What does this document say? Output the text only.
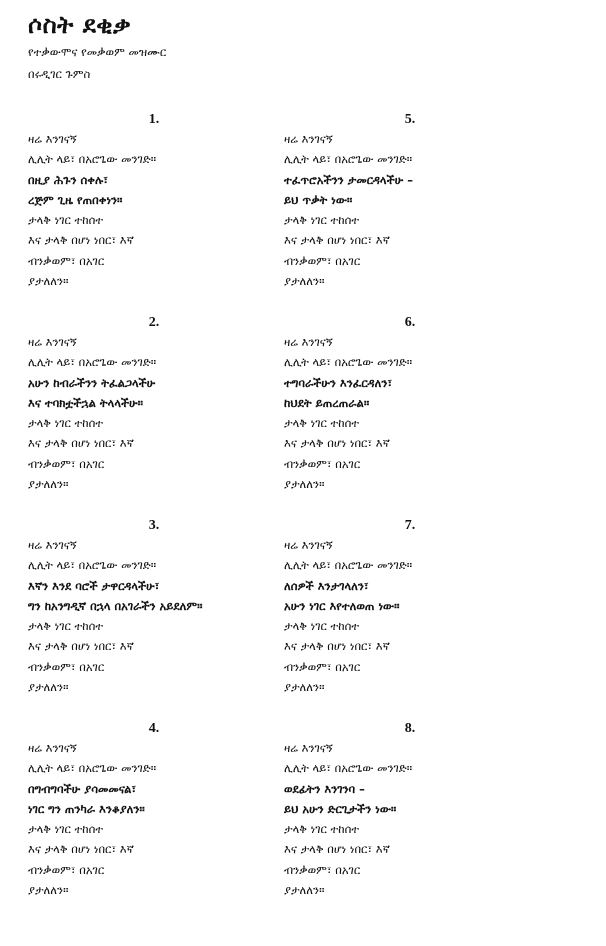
ሶስት ደቂቃ

የተቃውሞና የመቃወም መዝሙር

በሩዲገር ጉምስ

1.
ዛሬ እንገናኝ
ሊሊት ላይ፣ በአሮጌው መንገድ።
በዚያ ሕጉን ሰቀሉ፣
ረጅም ጊዜ የጠበቀነን።
ታላቅ ነገር ተከሰተ
እና ታላቅ በሆነ ነበር፣ እኛ
ብንቃወም፣ በአገር
ያታለለን።
2.
ዛሬ እንገናኝ
ሊሊት ላይ፣ በአሮጌው መንገድ።
አሁን ከብራችንን ትፈልጋላችሁ
እና ተባክቷችኋል ትላላችሁ።
ታላቅ ነገር ተከሰተ
እና ታላቅ በሆነ ነበር፣ እኛ
ብንቃወም፣ በአገር
ያታለለን።
3.
ዛሬ እንገናኝ
ሊሊት ላይ፣ በአሮጌው መንገድ።
እኛን እንደ ባሮች ታዋርዳላችሁ፣
ግን ከአንግዲኛ በኋላ በአገራችን አይደለም።
ታላቅ ነገር ተከሰተ
እና ታላቅ በሆነ ነበር፣ እኛ
ብንቃወም፣ በአገር
ያታለለን።
4.
ዛሬ እንገናኝ
ሊሊት ላይ፣ በአሮጌው መንገድ።
በግብግባችሁ ያሳመመናል፣
ነገር ግን ጠንካራ እንቆያለን።
ታላቅ ነገር ተከሰተ
እና ታላቅ በሆነ ነበር፣ እኛ
ብንቃወም፣ በአገር
ያታለለን።
5.
ዛሬ እንገናኝ
ሊሊት ላይ፣ በአሮጌው መንገድ።
ተፈጥሮአችንን ታመርዳላችሁ –
ይህ ጥቃት ነው።
ታላቅ ነገር ተከሰተ
እና ታላቅ በሆነ ነበር፣ እኛ
ብንቃወም፣ በአገር
ያታለለን።
6.
ዛሬ እንገናኝ
ሊሊት ላይ፣ በአሮጌው መንገድ።
ተግባራችሁን እንፈርዳለን፣
ከህደት ይጠረጠራል።
ታላቅ ነገር ተከሰተ
እና ታላቅ በሆነ ነበር፣ እኛ
ብንቃወም፣ በአገር
ያታለለን።
7.
ዛሬ እንገናኝ
ሊሊት ላይ፣ በአሮጌው መንገድ።
ለሰዎች እንታገላለን፣
አሁን ነገር እየተለወጠ ነው።
ታላቅ ነገር ተከሰተ
እና ታላቅ በሆነ ነበር፣ እኛ
ብንቃወም፣ በአገር
ያታለለን።
8.
ዛሬ እንገናኝ
ሊሊት ላይ፣ በአሮጌው መንገድ።
ወደፊትን እንገንባ –
ይህ አሁን ድርጊታችን ነው።
ታላቅ ነገር ተከሰተ
እና ታላቅ በሆነ ነበር፣ እኛ
ብንቃወም፣ በአገር
ያታለለን።
